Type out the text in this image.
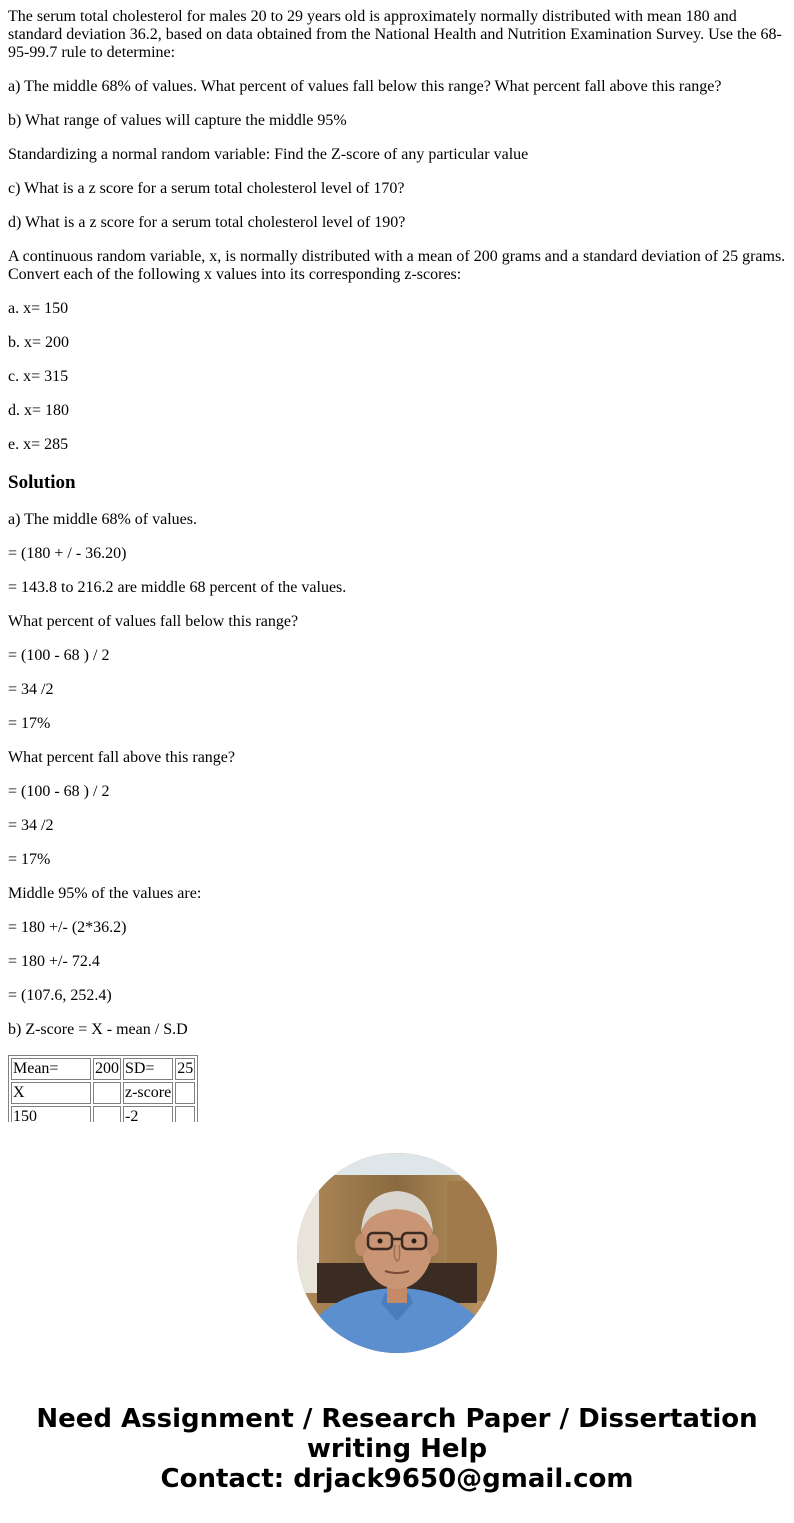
The serum total cholesterol for males 20 to 29 years old is approximately normally distributed with mean 180 and standard deviation 36.2, based on data obtained from the National Health and Nutrition Examination Survey. Use the 68-95-99.7 rule to determine:

a) The middle 68% of values. What percent of values fall below this range? What percent fall above this range?

b) What range of values will capture the middle 95%

Standardizing a normal random variable: Find the Z-score of any particular value

c) What is a z score for a serum total cholesterol level of 170?

d) What is a z score for a serum total cholesterol level of 190?

A continuous random variable, x, is normally distributed with a mean of 200 grams and a standard deviation of 25 grams. Convert each of the following x values into its corresponding z-scores:

a. x= 150

b. x= 200

c. x= 315

d. x= 180

e. x= 285

Solution

a) The middle 68% of values.

= (180 + / - 36.20)

= 143.8 to 216.2 are middle 68 percent of the values.

What percent of values fall below this range?

= (100 - 68 ) / 2

= 34 /2

= 17%

What percent fall above this range?

= (100 - 68 ) / 2

= 34 /2

= 17%

Middle 95% of the values are:

= 180 +/- (2*36.2)

= 180 +/- 72.4

= (107.6, 252.4)

b) Z-score = X - mean / S.D

Mean=	200	SD=	25
X		z-score	
150		-2	
Need Assignment / Research Paper / Dissertation
writing Help
Contact: drjack9650@gmail.com
